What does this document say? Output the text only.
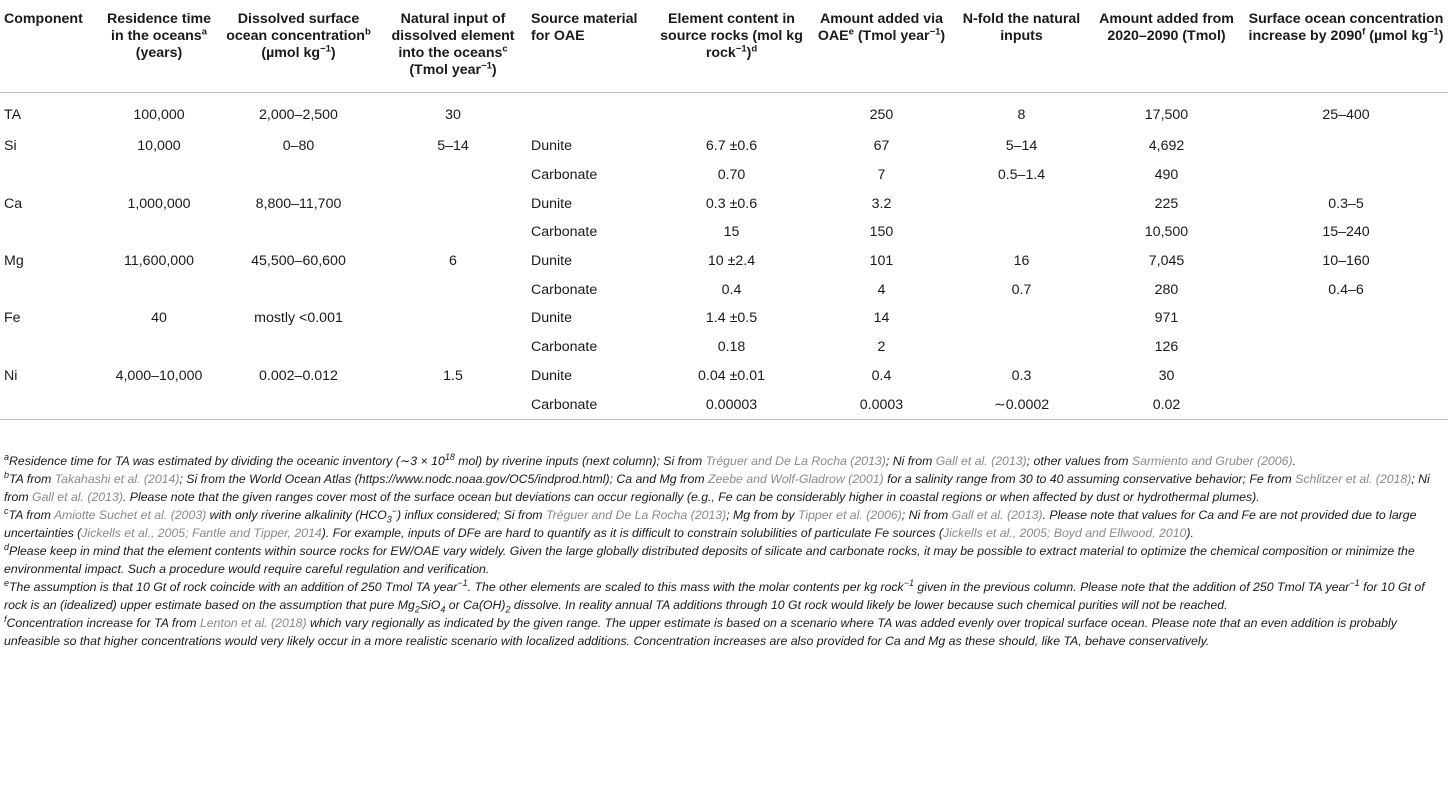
Component	Residence time in the oceans$^a$ (years)	Dissolved surface ocean concentration$^b$ (µmol $kg^{-1}$)	Natural input of dissolved element into the oceans$^c$ (Tmol year$^{-1}$)	Source material for OAE	Element content in source rocks (mol kg rock$^{-1}$)$^d$	Amount added via OAE$^e$ (Tmol year$^{-1}$)	N-fold the natural inputs	Amount added from 2020–2090 (Tmol)	Surface ocean concentration increase by 2090$^f$ (µmol $kg^{-1}$)
TA	100,000	2,000–2,500	30			250	8	17,500	25–400
Si	10,000	0–80	5–14	Dunite	6.7 ±0.6	67	5–14	4,692	
				Carbonate	0.70	7	0.5–1.4	490	
Ca	1,000,000	8,800–11,700		Dunite	0.3 ±0.6	3.2		225	0.3–5
				Carbonate	15	150		10,500	15–240
Mg	11,600,000	45,500–60,600	6	Dunite	10 ±2.4	101	16	7,045	10–160
				Carbonate	0.4	4	0.7	280	0.4–6
Fe	40	mostly <0.001		Dunite	1.4 ±0.5	14		971	
				Carbonate	0.18	2		126	
Ni	4,000–10,000	0.002–0.012	1.5	Dunite	0.04 ±0.01	0.4	0.3	30	
				Carbonate	0.00003	0.0003	∼0.0002	0.02	

$^a$Residence time for TA was estimated by dividing the oceanic inventory (∼3 × $10^{18}$ mol) by riverine inputs (next column); Si from Tréguer and De La Rocha (2013); Ni from Gall et al. (2013); other values from Sarmiento and Gruber (2006).

$^b$TA from Takahashi et al. (2014); Si from the World Ocean Atlas (https://www.nodc.noaa.gov/OC5/indprod.html); Ca and Mg from Zeebe and Wolf-Gladrow (2001) for a salinity range from 30 to 40 assuming conservative behavior; Fe from Schlitzer et al. (2018); Ni from Gall et al. (2013). Please note that the given ranges cover most of the surface ocean but deviations can occur regionally (e.g., Fe can be considerably higher in coastal regions or when affected by dust or hydrothermal plumes).

$^c$TA from Amiotte Suchet et al. (2003) with only riverine alkalinity $(HCO_3^-)$ influx considered; Si from Tréguer and De La Rocha (2013); Mg from by Tipper et al. (2006); Ni from Gall et al. (2013). Please note that values for Ca and Fe are not provided due to large uncertainties (Jickells et al., 2005; Fantle and Tipper, 2014). For example, inputs of DFe are hard to quantify as it is difficult to constrain solubilities of particulate Fe sources (Jickells et al., 2005; Boyd and Ellwood, 2010).

$^d$Please keep in mind that the element contents within source rocks for EW/OAE vary widely. Given the large globally distributed deposits of silicate and carbonate rocks, it may be possible to extract material to optimize the chemical composition or minimize the environmental impact. Such a procedure would require careful regulation and verification.

$^e$The assumption is that 10 Gt of rock coincide with an addition of 250 Tmol TA year$^{-1}$. The other elements are scaled to this mass with the molar contents per kg rock$^{-1}$ given in the previous column. Please note that the addition of 250 Tmol TA year$^{-1}$ for 10 Gt of rock is an (idealized) upper estimate based on the assumption that pure $Mg_2SiO_4$ or $Ca(OH)_2$ dissolve. In reality annual TA additions through 10 Gt rock would likely be lower because such chemical purities will not be reached.

$^f$Concentration increase for TA from Lenton et al. (2018) which vary regionally as indicated by the given range. The upper estimate is based on a scenario where TA was added evenly over tropical surface ocean. Please note that an even addition is probably unfeasible so that higher concentrations would very likely occur in a more realistic scenario with localized additions. Concentration increases are also provided for Ca and Mg as these should, like TA, behave conservatively.
